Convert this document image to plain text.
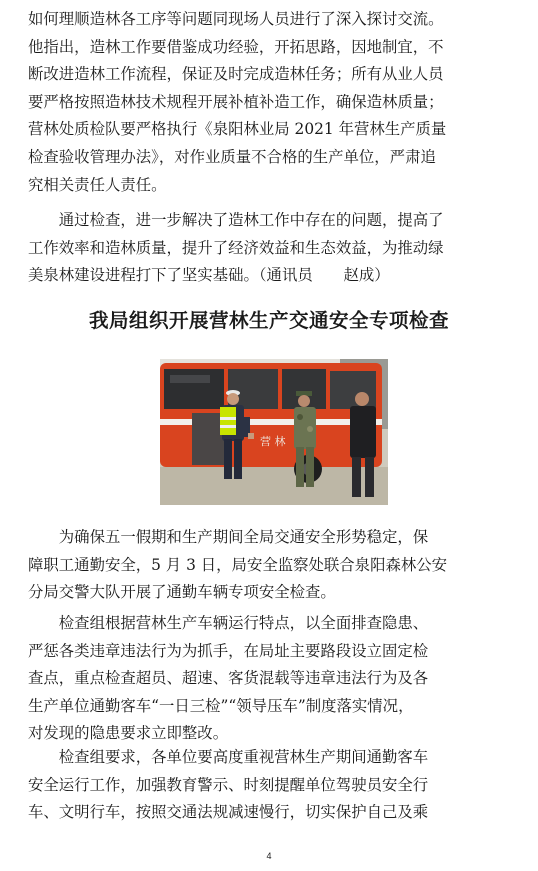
如何理顺造林各工序等问题同现场人员进行了深入探讨交流。
他指出，造林工作要借鉴成功经验，开拓思路，因地制宜，不
断改进造林工作流程，保证及时完成造林任务；所有从业人员
要严格按照造林技术规程开展补植补造工作，确保造林质量；
营林处质检队要严格执行《泉阳林业局 2021 年营林生产质量
检查验收管理办法》，对作业质量不合格的生产单位，严肃追
究相关责任人责任。
　　通过检查，进一步解决了造林工作中存在的问题，提高了
工作效率和造林质量，提升了经济效益和生态效益，为推动绿
美泉林建设进程打下了坚实基础。（通讯员　　赵成）
我局组织开展营林生产交通安全专项检查
营 林
　　为确保五一假期和生产期间全局交通安全形势稳定，保
障职工通勤安全，5 月 3 日，局安全监察处联合泉阳森林公安
分局交警大队开展了通勤车辆专项安全检查。
　　检查组根据营林生产车辆运行特点，以全面排查隐患、
严惩各类违章违法行为为抓手，在局址主要路段设立固定检
查点，重点检查超员、超速、客货混载等违章违法行为及各
生产单位通勤客车“一日三检”“领导压车”制度落实情况，
对发现的隐患要求立即整改。
　　检查组要求，各单位要高度重视营林生产期间通勤客车
安全运行工作，加强教育警示、时刻提醒单位驾驶员安全行
车、文明行车，按照交通法规减速慢行，切实保护自己及乘
4
